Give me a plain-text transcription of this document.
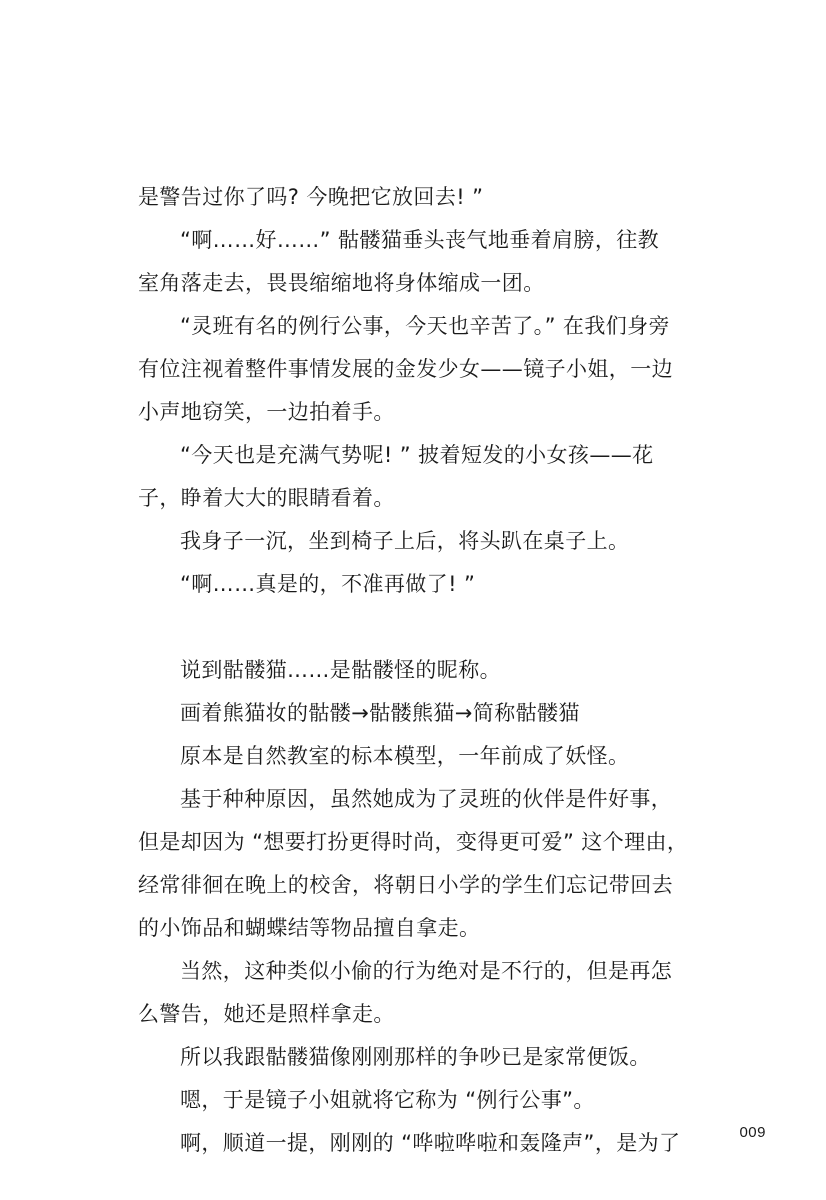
是警告过你了吗? 今晚把它放回去! ”
“啊……好……” 骷髅猫垂头丧气地垂着肩膀，往教
室角落走去，畏畏缩缩地将身体缩成一团。
“灵班有名的例行公事，今天也辛苦了。” 在我们身旁
有位注视着整件事情发展的金发少女——镜子小姐，一边
小声地窃笑，一边拍着手。
“今天也是充满气势呢! ” 披着短发的小女孩——花
子，睁着大大的眼睛看着。
我身子一沉，坐到椅子上后，将头趴在桌子上。
“啊……真是的，不准再做了! ”
说到骷髅猫……是骷髅怪的昵称。
画着熊猫妆的骷髅→骷髅熊猫→简称骷髅猫
原本是自然教室的标本模型，一年前成了妖怪。
基于种种原因，虽然她成为了灵班的伙伴是件好事，
但是却因为 “想要打扮更得时尚，变得更可爱” 这个理由，
经常徘徊在晚上的校舍，将朝日小学的学生们忘记带回去
的小饰品和蝴蝶结等物品擅自拿走。
当然，这种类似小偷的行为绝对是不行的，但是再怎
么警告，她还是照样拿走。
所以我跟骷髅猫像刚刚那样的争吵已是家常便饭。
嗯，于是镜子小姐就将它称为 “例行公事”。
啊，顺道一提，刚刚的 “哗啦哗啦和轰隆声”，是为了	009
